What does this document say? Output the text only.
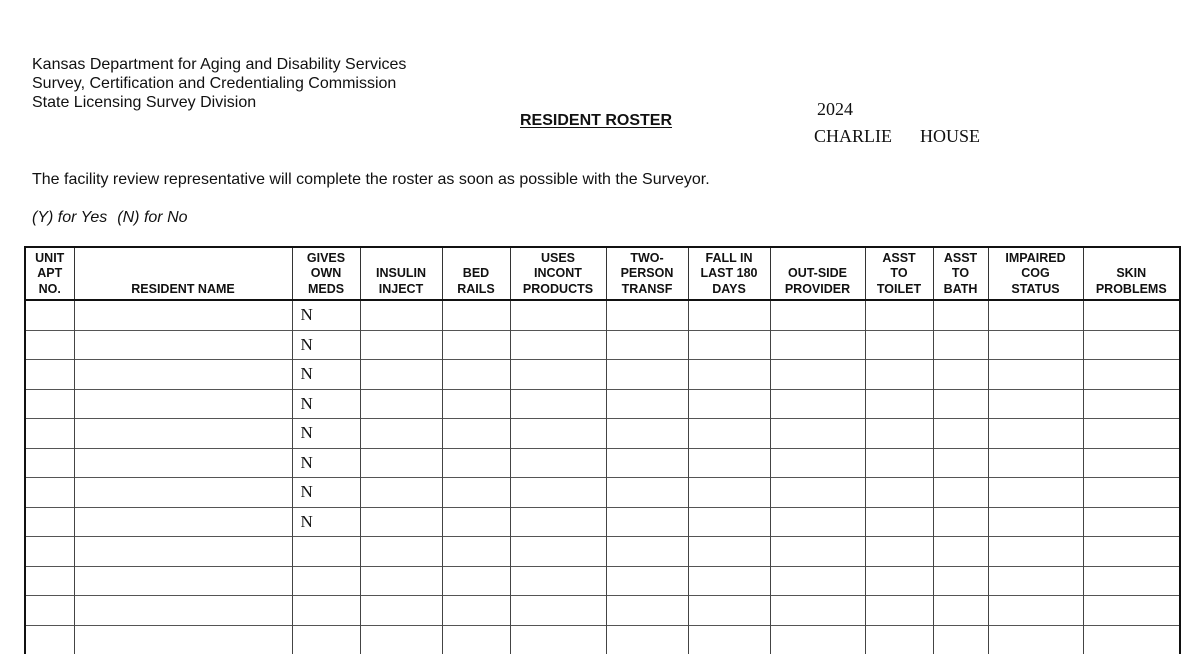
Kansas Department for Aging and Disability Services
Survey, Certification and Credentialing Commission
State Licensing Survey Division
RESIDENT ROSTER
2024
CHARLIE HOUSE
The facility review representative will complete the roster as soon as possible with the Surveyor.
(Y) for Yes (N) for No
UNIT
APT
NO.	RESIDENT NAME	GIVES
OWN
MEDS	INSULIN
INJECT	BED
RAILS	USES
INCONT
PRODUCTS	TWO-
PERSON
TRANSF	FALL IN
LAST 180
DAYS	OUT-SIDE
PROVIDER	ASST
TO
TOILET	ASST
TO
BATH	IMPAIRED
COG
STATUS	SKIN
PROBLEMS

		N										
		N										
		N										
		N										
		N										
		N										
		N										
		N										
